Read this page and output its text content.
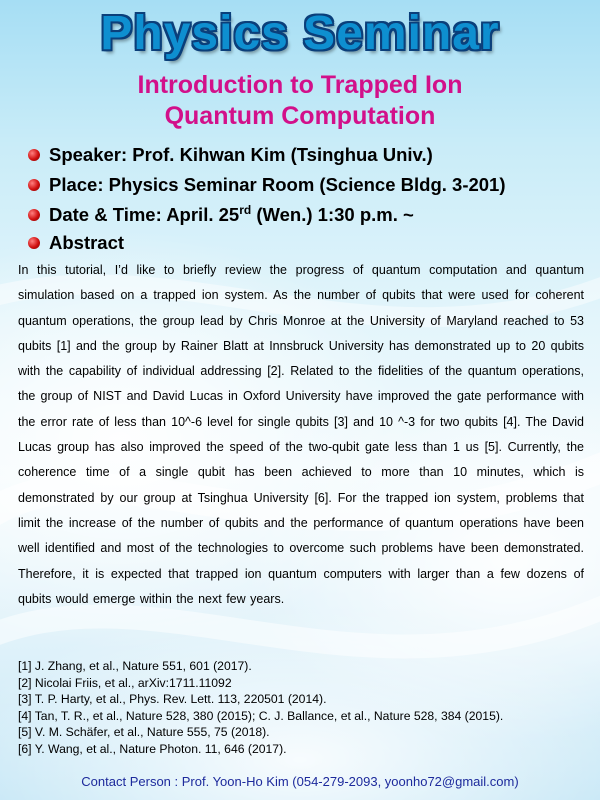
Physics Seminar
Introduction to Trapped Ion
Quantum Computation
Speaker: Prof. Kihwan Kim (Tsinghua Univ.)
Place: Physics Seminar Room (Science Bldg. 3-201)
Date & Time: April. 25rd (Wen.) 1:30 p.m. ~
Abstract
In this tutorial, I’d like to briefly review the progress of quantum computation and quantum simulation based on a trapped ion system. As the number of qubits that were used for coherent quantum operations, the group lead by Chris Monroe at the University of Maryland reached to 53 qubits [1] and the group by Rainer Blatt at Innsbruck University has demonstrated up to 20 qubits with the capability of individual addressing [2]. Related to the fidelities of the quantum operations, the group of NIST and David Lucas in Oxford University have improved the gate performance with the error rate of less than 10^-6 level for single qubits [3] and 10 ^-3 for two qubits [4]. The David Lucas group has also improved the speed of the two-qubit gate less than 1 us [5]. Currently, the coherence time of a single qubit has been achieved to more than 10 minutes, which is demonstrated by our group at Tsinghua University [6]. For the trapped ion system, problems that limit the increase of the number of qubits and the performance of quantum operations have been well identified and most of the technologies to overcome such problems have been demonstrated. Therefore, it is expected that trapped ion quantum computers with larger than a few dozens of qubits would emerge within the next few years.
[1] J. Zhang, et al., Nature 551, 601 (2017).
[2] Nicolai Friis, et al., arXiv:1711.11092
[3] T. P. Harty, et al., Phys. Rev. Lett. 113, 220501 (2014).
[4] Tan, T. R., et al., Nature 528, 380 (2015); C. J. Ballance, et al., Nature 528, 384 (2015).
[5] V. M. Schäfer, et al., Nature 555, 75 (2018).
[6] Y. Wang, et al., Nature Photon. 11, 646 (2017).
Contact Person : Prof. Yoon-Ho Kim (054-279-2093, yoonho72@gmail.com)
